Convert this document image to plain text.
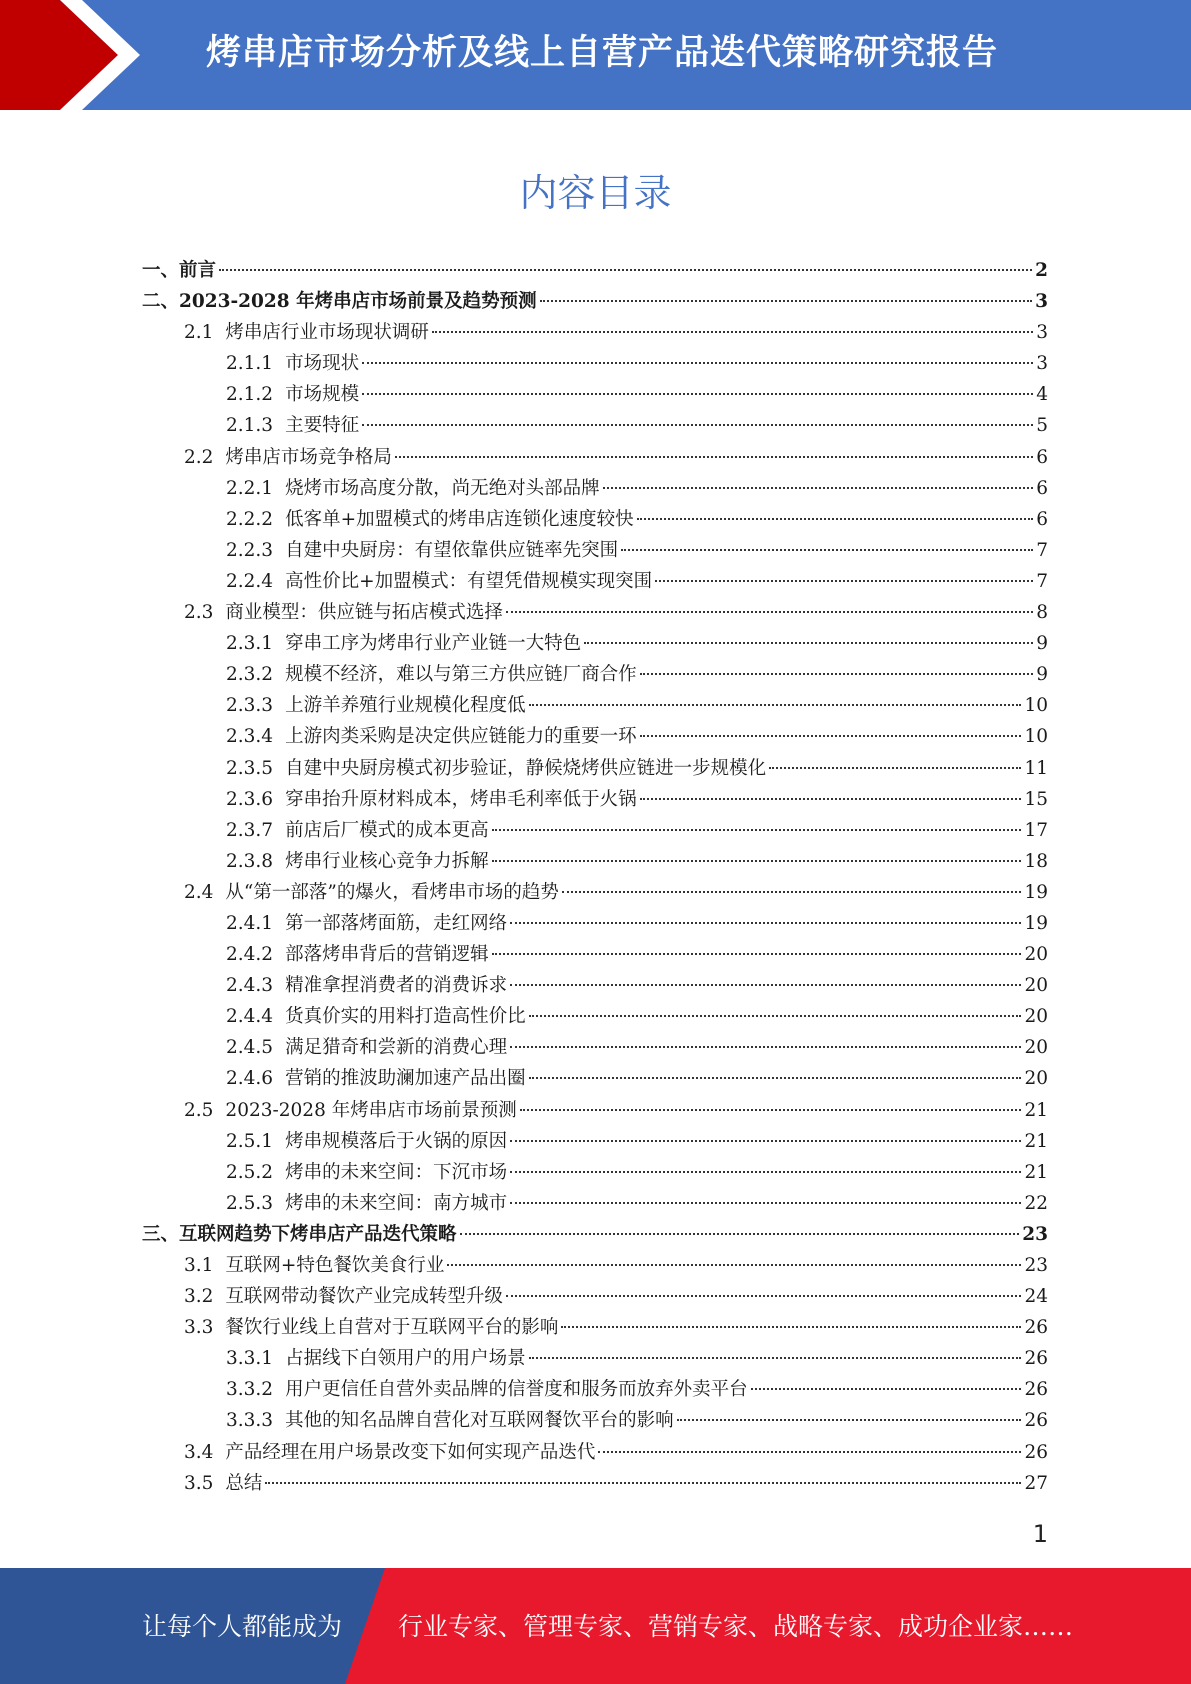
烤串店市场分析及线上自营产品迭代策略研究报告
内容目录
一、 前言	2
二、 2023-2028 年烤串店市场前景及趋势预测	3
2.1 烤串店行业市场现状调研	3
2.1.1 市场现状	3
2.1.2 市场规模	4
2.1.3 主要特征	5
2.2 烤串店市场竞争格局	6
2.2.1 烧烤市场高度分散，尚无绝对头部品牌	6
2.2.2 低客单+加盟模式的烤串店连锁化速度较快	6
2.2.3 自建中央厨房：有望依靠供应链率先突围	7
2.2.4 高性价比+加盟模式：有望凭借规模实现突围	7
2.3 商业模型：供应链与拓店模式选择	8
2.3.1 穿串工序为烤串行业产业链一大特色	9
2.3.2 规模不经济，难以与第三方供应链厂商合作	9
2.3.3 上游羊养殖行业规模化程度低	10
2.3.4 上游肉类采购是决定供应链能力的重要一环	10
2.3.5 自建中央厨房模式初步验证，静候烧烤供应链进一步规模化	11
2.3.6 穿串抬升原材料成本，烤串毛利率低于火锅	15
2.3.7 前店后厂模式的成本更高	17
2.3.8 烤串行业核心竞争力拆解	18
2.4 从“第一部落”的爆火，看烤串市场的趋势	19
2.4.1 第一部落烤面筋，走红网络	19
2.4.2 部落烤串背后的营销逻辑	20
2.4.3 精准拿捏消费者的消费诉求	20
2.4.4 货真价实的用料打造高性价比	20
2.4.5 满足猎奇和尝新的消费心理	20
2.4.6 营销的推波助澜加速产品出圈	20
2.5 2023-2028 年烤串店市场前景预测	21
2.5.1 烤串规模落后于火锅的原因	21
2.5.2 烤串的未来空间：下沉市场	21
2.5.3 烤串的未来空间：南方城市	22
三、 互联网趋势下烤串店产品迭代策略	23
3.1 互联网+特色餐饮美食行业	23
3.2 互联网带动餐饮产业完成转型升级	24
3.3 餐饮行业线上自营对于互联网平台的影响	26
3.3.1 占据线下白领用户的用户场景	26
3.3.2 用户更信任自营外卖品牌的信誉度和服务而放弃外卖平台	26
3.3.3 其他的知名品牌自营化对互联网餐饮平台的影响	26
3.4 产品经理在用户场景改变下如何实现产品迭代	26
3.5 总结	27
1
让每个人都能成为 行业专家、管理专家、营销专家、战略专家、成功企业家……
